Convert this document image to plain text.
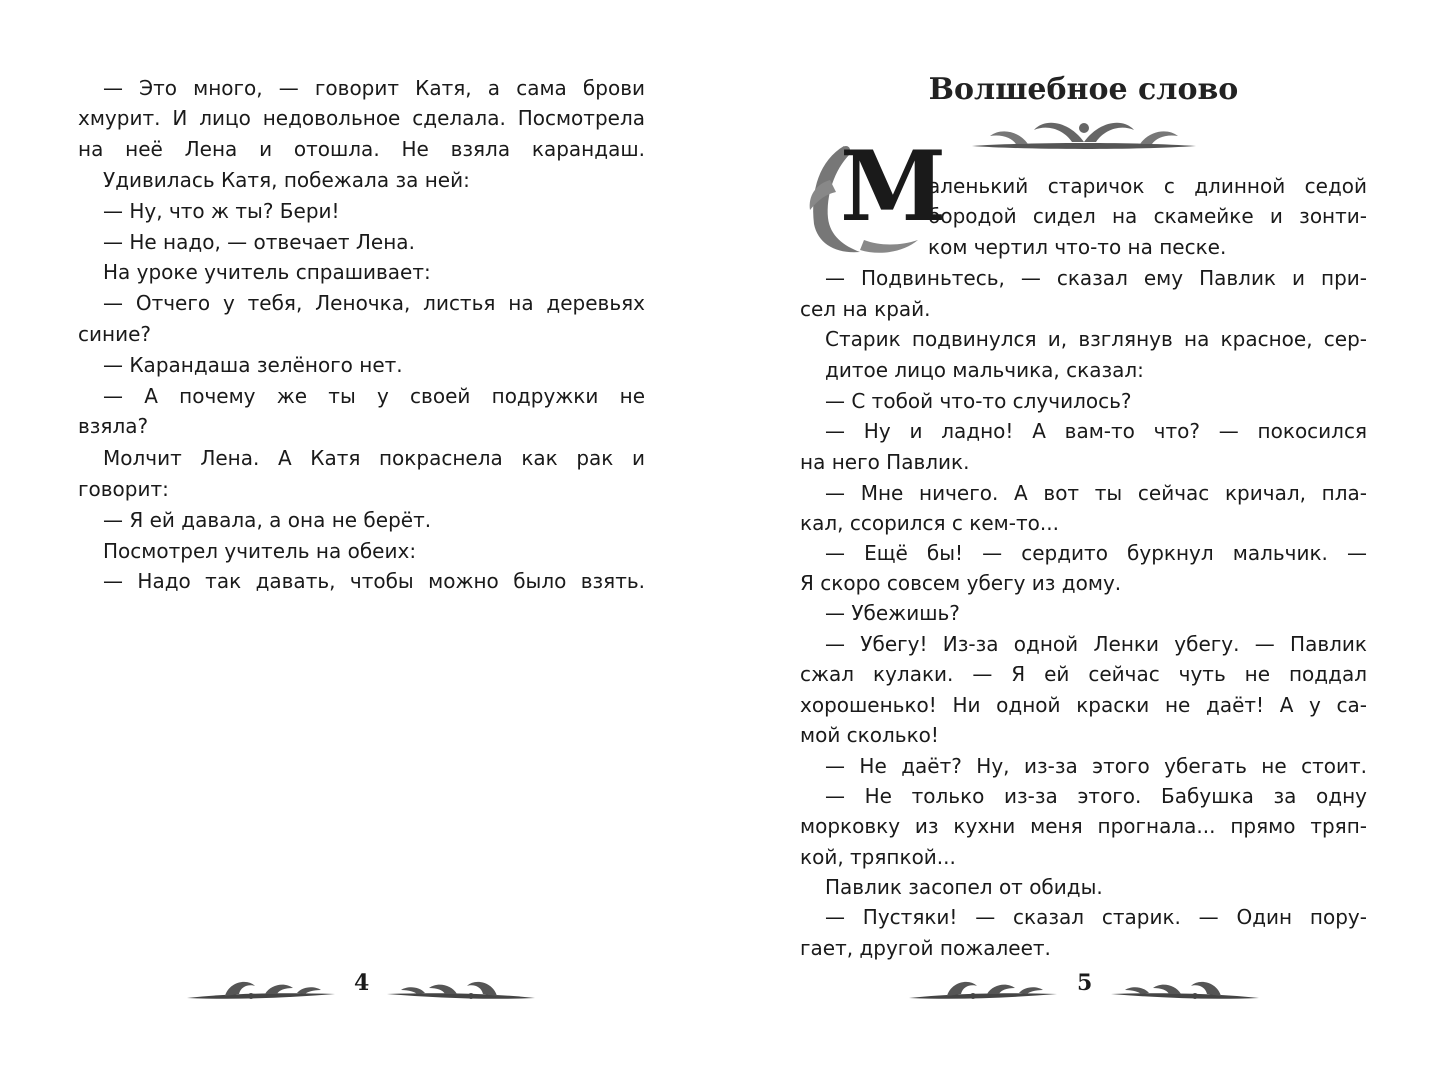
— Это много, — говорит Катя, а сама брови
хмурит. И лицо недовольное сделала. Посмотрела
на неё Лена и отошла. Не взяла карандаш.
Удивилась Катя, побежала за ней:
— Ну, что ж ты? Бери!
— Не надо, — отвечает Лена.
На уроке учитель спрашивает:
— Отчего у тебя, Леночка, листья на деревьях
синие?
— Карандаша зелёного нет.
— А почему же ты у своей подружки не
взяла?
Молчит Лена. А Катя покраснела как рак и
говорит:
— Я ей давала, а она не берёт.
Посмотрел учитель на обеих:
— Надо так давать, чтобы можно было взять.
4
Волшебное слово
М
аленький старичок с длинной седой
бородой сидел на скамейке и зонти-
ком чертил что-то на песке.
— Подвиньтесь, — сказал ему Павлик и при-
сел на край.
Старик подвинулся и, взглянув на красное, сер-
дитое лицо мальчика, сказал:
— С тобой что-то случилось?
— Ну и ладно! А вам-то что? — покосился
на него Павлик.
— Мне ничего. А вот ты сейчас кричал, пла-
кал, ссорился с кем-то...
— Ещё бы! — сердито буркнул мальчик. —
Я скоро совсем убегу из дому.
— Убежишь?
— Убегу! Из-за одной Ленки убегу. — Павлик
сжал кулаки. — Я ей сейчас чуть не поддал
хорошенько! Ни одной краски не даёт! А у са-
мой сколько!
— Не даёт? Ну, из-за этого убегать не стоит.
— Не только из-за этого. Бабушка за одну
морковку из кухни меня прогнала... прямо тряп-
кой, тряпкой...
Павлик засопел от обиды.
— Пустяки! — сказал старик. — Один пору-
гает, другой пожалеет.
5
